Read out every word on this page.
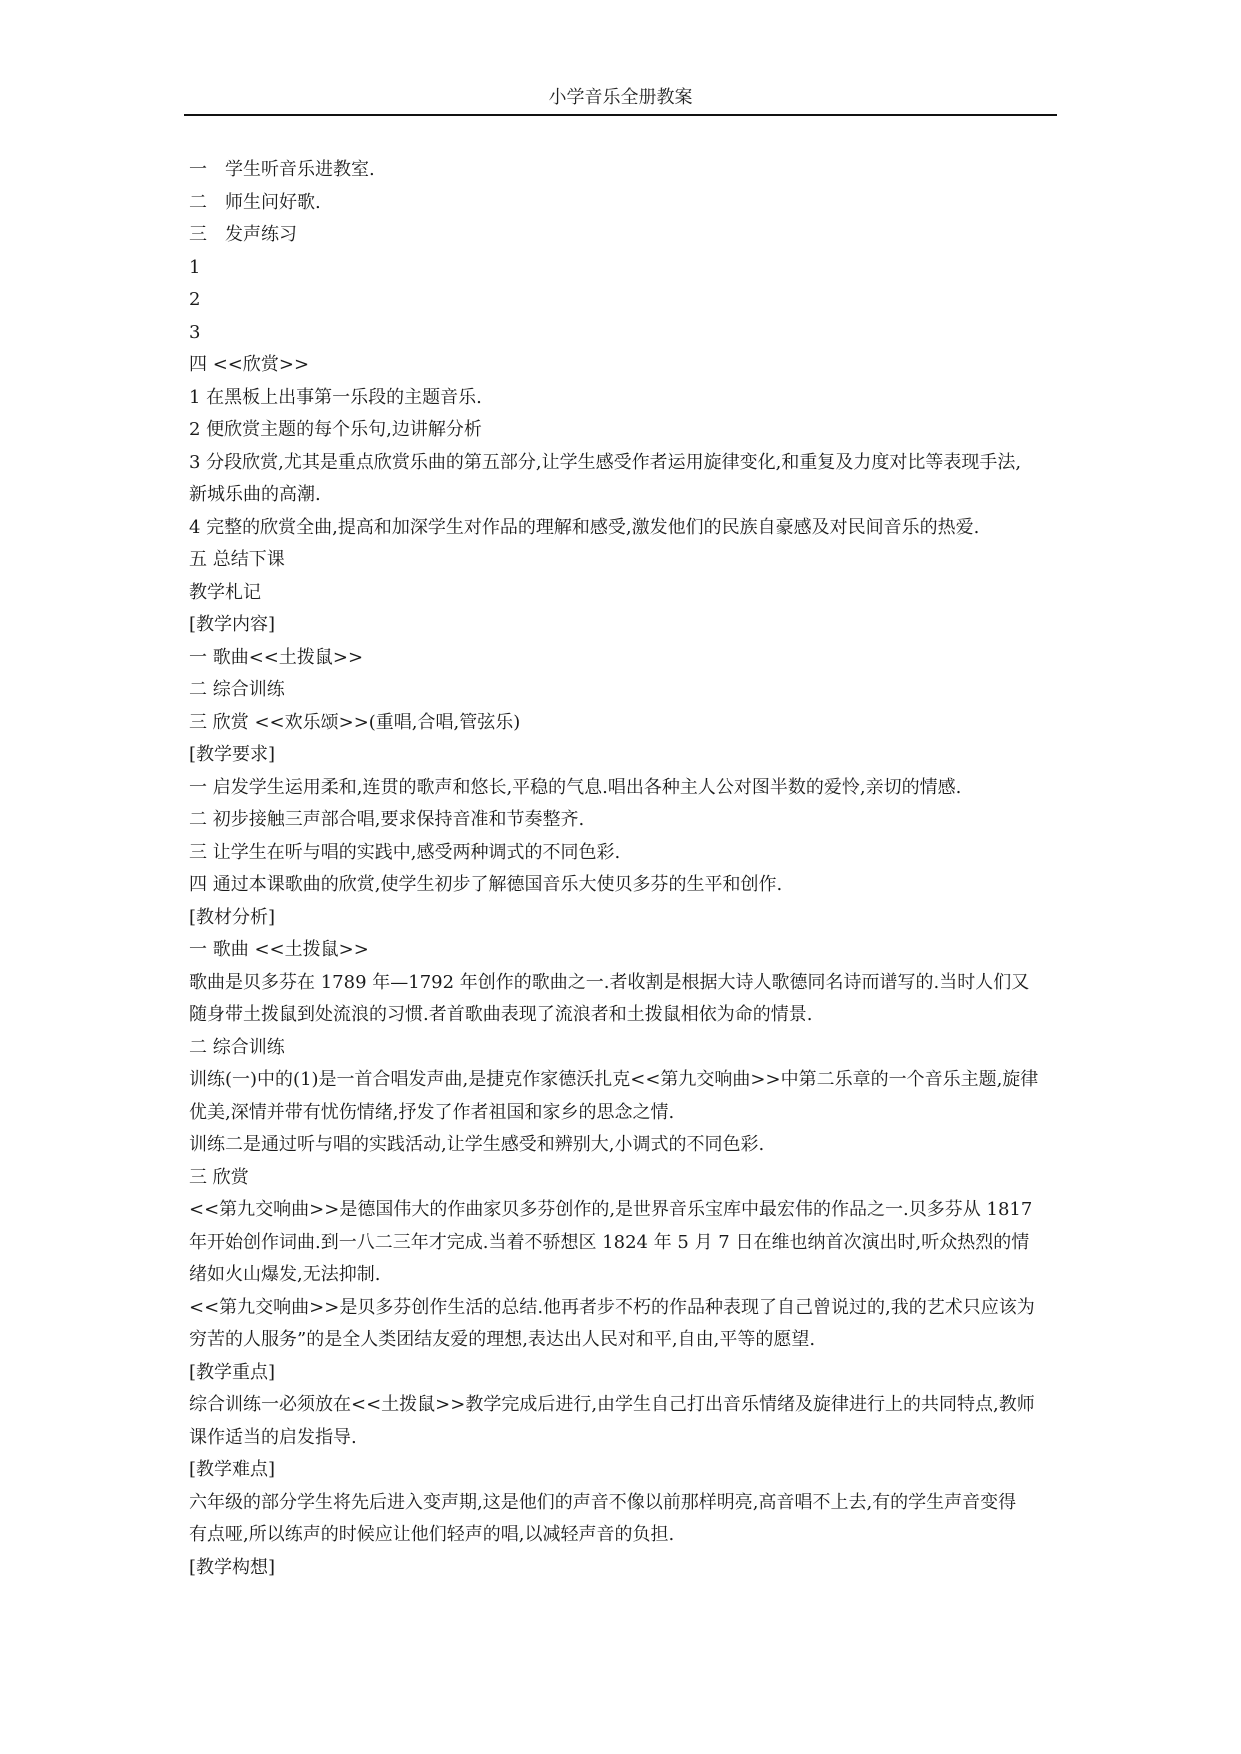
小学音乐全册教案
一　学生听音乐进教室.
二　师生问好歌.
三　发声练习
1
2
3
四 <<欣赏>>
1 在黑板上出事第一乐段的主题音乐.
2 便欣赏主题的每个乐句,边讲解分析
3 分段欣赏,尤其是重点欣赏乐曲的第五部分,让学生感受作者运用旋律变化,和重复及力度对比等表现手法,
新城乐曲的高潮.
4 完整的欣赏全曲,提高和加深学生对作品的理解和感受,激发他们的民族自豪感及对民间音乐的热爱.
五 总结下课
教学札记
[教学内容]
一 歌曲<<土拨鼠>>
二 综合训练
三 欣赏 <<欢乐颂>>(重唱,合唱,管弦乐)
[教学要求]
一 启发学生运用柔和,连贯的歌声和悠长,平稳的气息.唱出各种主人公对图半数的爱怜,亲切的情感.
二 初步接触三声部合唱,要求保持音准和节奏整齐.
三 让学生在听与唱的实践中,感受两种调式的不同色彩.
四 通过本课歌曲的欣赏,使学生初步了解德国音乐大使贝多芬的生平和创作.
[教材分析]
一 歌曲 <<土拨鼠>>
歌曲是贝多芬在 1789 年—1792 年创作的歌曲之一.者收割是根据大诗人歌德同名诗而谱写的.当时人们又
随身带土拨鼠到处流浪的习惯.者首歌曲表现了流浪者和土拨鼠相依为命的情景.
二 综合训练
训练(一)中的(1)是一首合唱发声曲,是捷克作家德沃扎克<<第九交响曲>>中第二乐章的一个音乐主题,旋律
优美,深情并带有忧伤情绪,抒发了作者祖国和家乡的思念之情.
训练二是通过听与唱的实践活动,让学生感受和辨别大,小调式的不同色彩.
三 欣赏
<<第九交响曲>>是德国伟大的作曲家贝多芬创作的,是世界音乐宝库中最宏伟的作品之一.贝多芬从 1817
年开始创作词曲.到一八二三年才完成.当着不骄想区 1824 年 5 月 7 日在维也纳首次演出时,听众热烈的情
绪如火山爆发,无法抑制.
<<第九交响曲>>是贝多芬创作生活的总结.他再者步不朽的作品种表现了自己曾说过的,我的艺术只应该为
穷苦的人服务”的是全人类团结友爱的理想,表达出人民对和平,自由,平等的愿望.
[教学重点]
综合训练一必须放在<<土拨鼠>>教学完成后进行,由学生自己打出音乐情绪及旋律进行上的共同特点,教师
课作适当的启发指导.
[教学难点]
六年级的部分学生将先后进入变声期,这是他们的声音不像以前那样明亮,高音唱不上去,有的学生声音变得
有点哑,所以练声的时候应让他们轻声的唱,以减轻声音的负担.
[教学构想]
